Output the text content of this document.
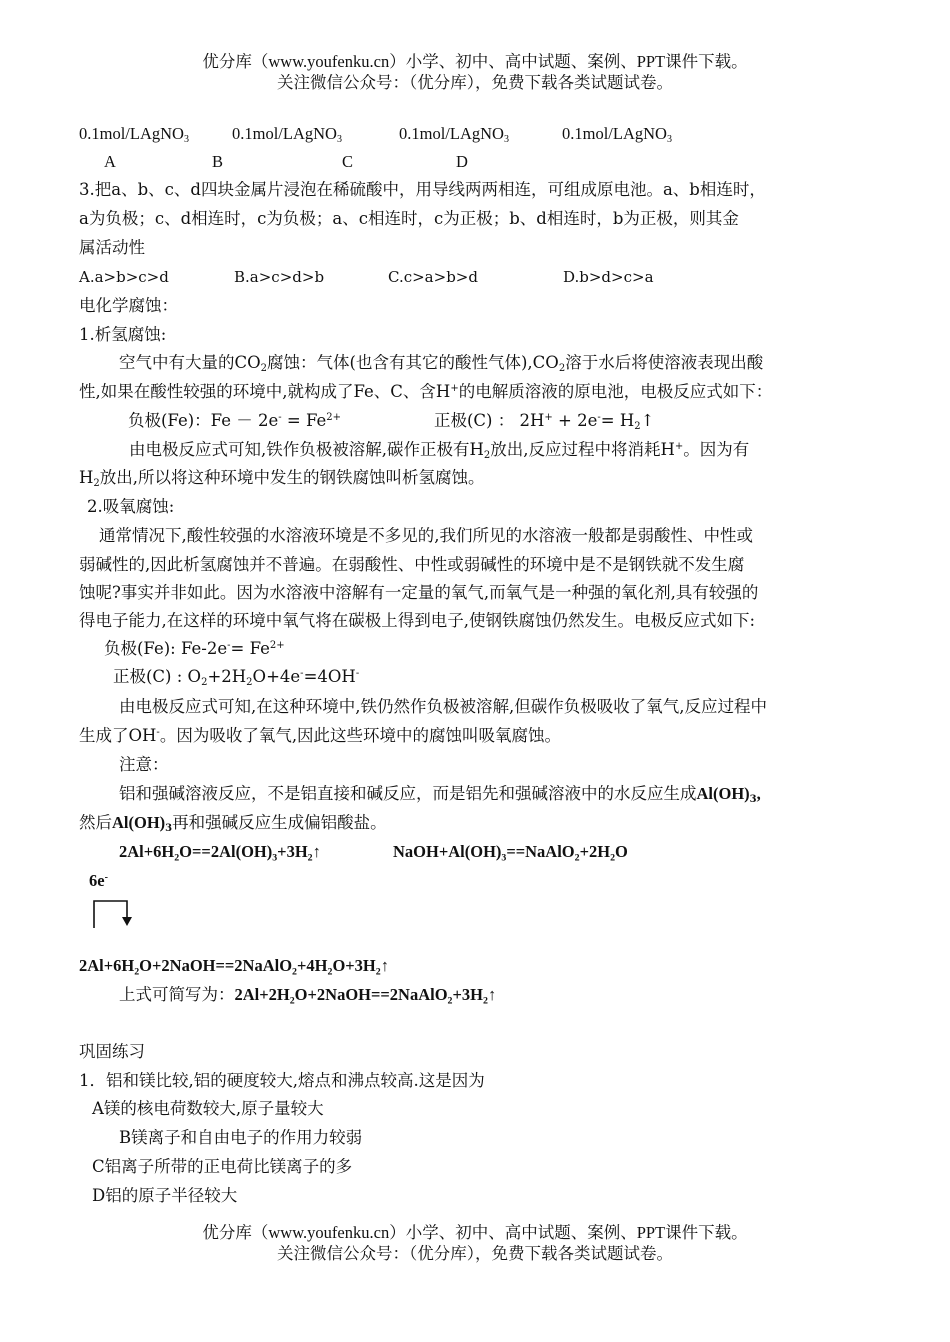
优分库（www.youfenku.cn）小学、初中、高中试题、案例、PPT课件下载。
关注微信公众号：（优分库），免费下载各类试题试卷。
0.1mol/LAgNO$_3$	0.1mol/LAgNO$_3$	0.1mol/LAgNO$_3$	0.1mol/LAgNO$_3$
A	B	C	D
3.把a、b、c、d四块金属片浸泡在稀硫酸中，用导线两两相连，可组成原电池。a、b相连时，
a为负极；c、d相连时，c为负极；a、c相连时，c为正极；b、d相连时，b为正极，则其金
属活动性
A.a>b>c>d	B.a>c>d>b	C.c>a>b>d	D.b>d>c>a
电化学腐蚀：
1.析氢腐蚀:
空气中有大量的$CO_2$腐蚀：气体(也含有其它的酸性气体)$,CO_2$溶于水后将使溶液表现出酸
性,如果在酸性较强的环境中,就构成了Fe、C、含H+的电解质溶液的原电池，电极反应式如下：
负极(Fe)：$Fe - 2e^- = Fe^{2+}$	正极(C) ： $2H^+ + 2e^-= H_2↑$
由电极反应式可知,铁作负极被溶解,碳作正极有$H_2$放出,反应过程中将消耗H+。因为有
$H_2$放出,所以将这种环境中发生的钢铁腐蚀叫析氢腐蚀。
2.吸氧腐蚀:
通常情况下,酸性较强的水溶液环境是不多见的,我们所见的水溶液一般都是弱酸性、中性或
弱碱性的,因此析氢腐蚀并不普遍。在弱酸性、中性或弱碱性的环境中是不是钢铁就不发生腐
蚀呢?事实并非如此。因为水溶液中溶解有一定量的氧气,而氧气是一种强的氧化剂,具有较强的
得电子能力,在这样的环境中氧气将在碳极上得到电子,使钢铁腐蚀仍然发生。电极反应式如下:
负极(Fe): $Fe-2e^-= Fe^{2+}$
正极(C) : $O_2+2H_2O+4e^-=4OH^-$
由电极反应式可知,在这种环境中,铁仍然作负极被溶解,但碳作负极吸收了氧气,反应过程中
生成了OH-。因为吸收了氧气,因此这些环境中的腐蚀叫吸氧腐蚀。
注意：
铝和强碱溶液反应，不是铝直接和碱反应，而是铝先和强碱溶液中的水反应生成$Al(OH)_3$,
然后$Al(OH)_3$再和强碱反应生成偏铝酸盐。
2Al+6H₂O==2Al(OH)₃+3H₂↑	NaOH+Al(OH)₃==NaAlO₂+2H₂O
6e-
2Al+6H₂O+2NaOH==2NaAlO₂+4H₂O+3H₂↑
上式可简写为：2Al+2H₂O+2NaOH==2NaAlO₂+3H₂↑
巩固练习
1．铝和镁比较,铝的硬度较大,熔点和沸点较高.这是因为
A镁的核电荷数较大,原子量较大
B镁离子和自由电子的作用力较弱
C铝离子所带的正电荷比镁离子的多
D铝的原子半径较大
优分库（www.youfenku.cn）小学、初中、高中试题、案例、PPT课件下载。
关注微信公众号：（优分库），免费下载各类试题试卷。
